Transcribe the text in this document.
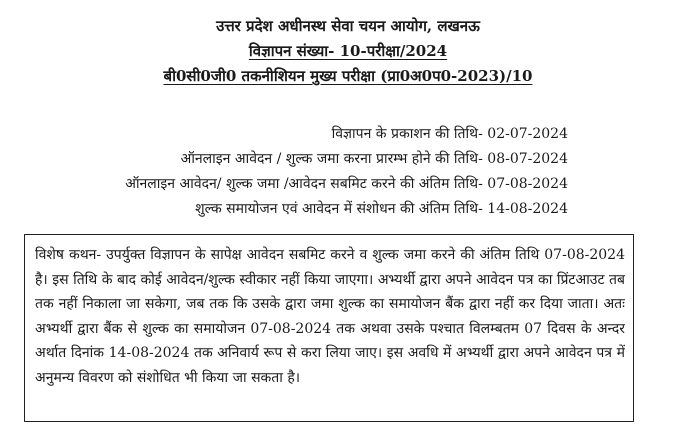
उत्तर प्रदेश अधीनस्थ सेवा चयन आयोग, लखनऊ
विज्ञापन संख्या- 10-परीक्षा/2024
बी0सी0जी0 तकनीशियन मुख्य परीक्षा (प्रा0अ0प0-2023)/10
विज्ञापन के प्रकाशन की तिथि- 02-07-2024
ऑनलाइन आवेदन / शुल्क जमा करना प्रारम्भ होने की तिथि- 08-07-2024
ऑनलाइन आवेदन/ शुल्क जमा /आवेदन सबमिट करने की अंतिम तिथि- 07-08-2024
शुल्क समायोजन एवं आवेदन में संशोधन की अंतिम तिथि- 14-08-2024

विशेष कथन- उपर्युक्त विज्ञापन के सापेक्ष आवेदन सबमिट करने व शुल्क जमा करने की अंतिम तिथि 07-08-2024 है। इस तिथि के बाद कोई आवेदन/शुल्क स्वीकार नहीं किया जाएगा। अभ्यर्थी द्वारा अपने आवेदन पत्र का प्रिंटआउट तब तक नहीं निकाला जा सकेगा, जब तक कि उसके द्वारा जमा शुल्क का समायोजन बैंक द्वारा नहीं कर दिया जाता। अतः अभ्यर्थी द्वारा बैंक से शुल्क का समायोजन 07-08-2024 तक अथवा उसके पश्चात विलम्बतम 07 दिवस के अन्दर अर्थात दिनांक 14-08-2024 तक अनिवार्य रूप से करा लिया जाए। इस अवधि में अभ्यर्थी द्वारा अपने आवेदन पत्र में अनुमन्य विवरण को संशोधित भी किया जा सकता है।
